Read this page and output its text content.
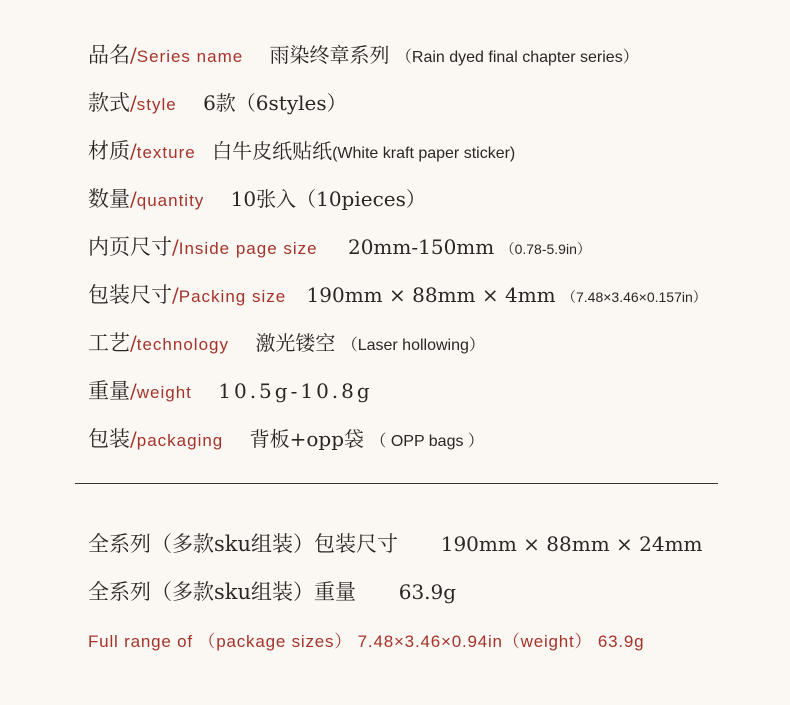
品名/Series name 雨染终章系列 （Rain dyed final chapter series）
款式/style 6款（6styles）
材质/texture 白牛皮纸贴纸(White kraft paper sticker)
数量/quantity 10张入（10pieces）
内页尺寸/Inside page size 20mm-150mm （0.78-5.9in）
包装尺寸/Packing size 190mm × 88mm × 4mm （7.48×3.46×0.157in）
工艺/technology 激光镂空 （Laser hollowing）
重量/weight 10.5g-10.8g
包装/packaging 背板+opp袋 （ OPP bags ）
全系列（多款sku组装）包装尺寸 190mm × 88mm × 24mm
全系列（多款sku组装）重量 63.9g
Full range of （package sizes） 7.48×3.46×0.94in（weight） 63.9g
